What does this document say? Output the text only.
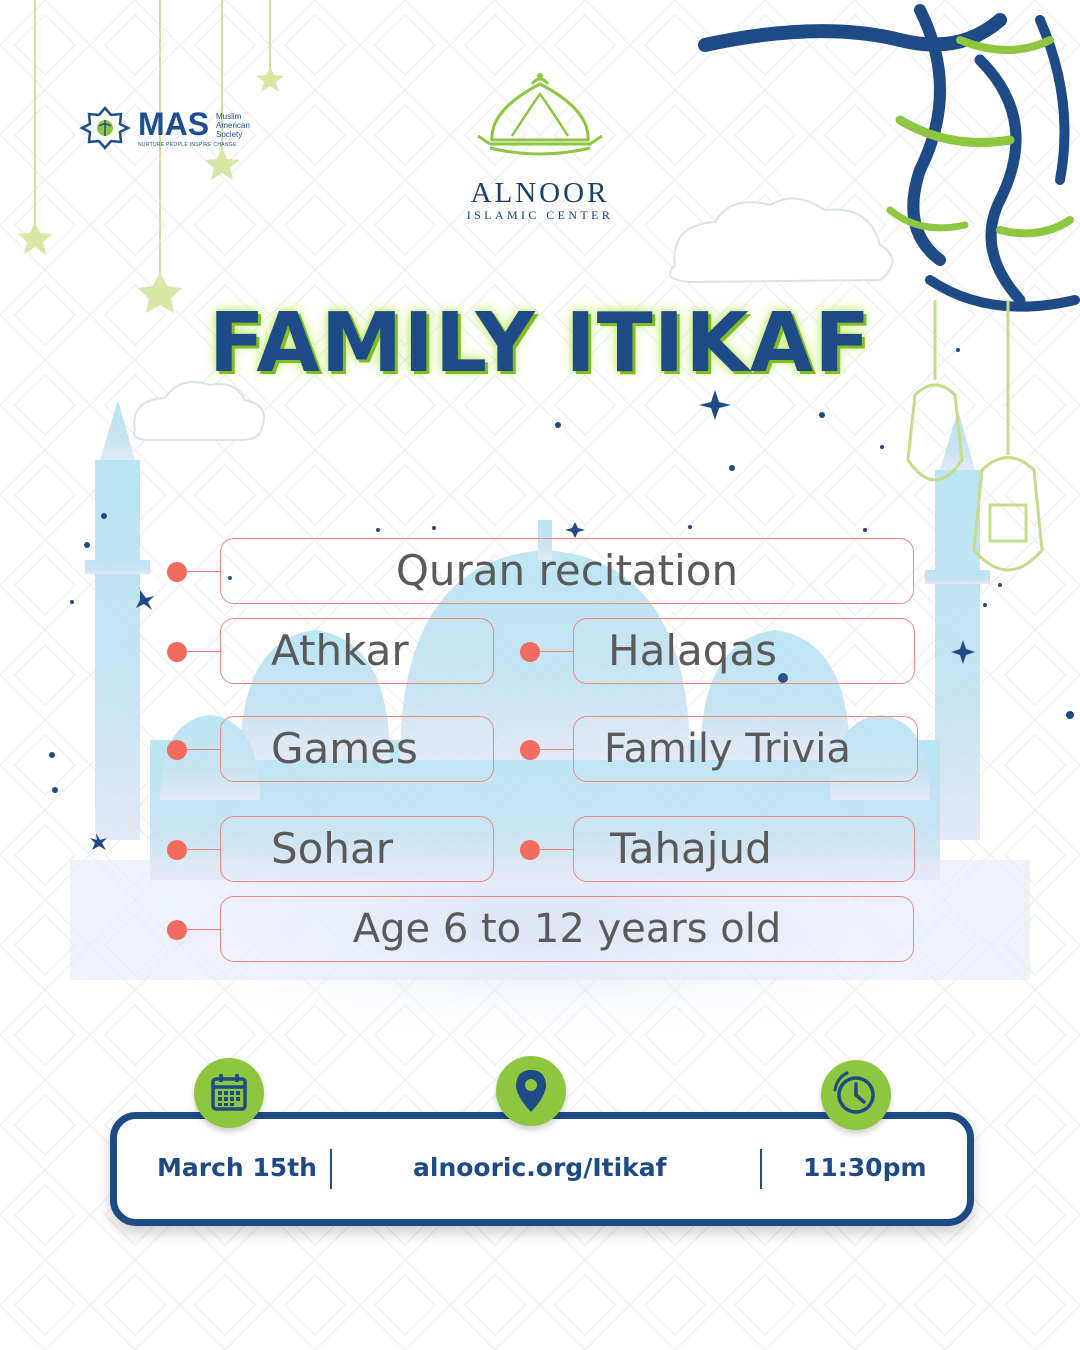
MAS Muslim American Society
NURTURE PEOPLE INSPIRE CHANGE
ALNOOR
ISLAMIC CENTER
FAMILY ITIKAF
Quran recitation
Athkar	Halaqas
Games	Family Trivia
Sohar	Tahajud
Age 6 to 12 years old
March 15th	alnooric.org/Itikaf	11:30pm
